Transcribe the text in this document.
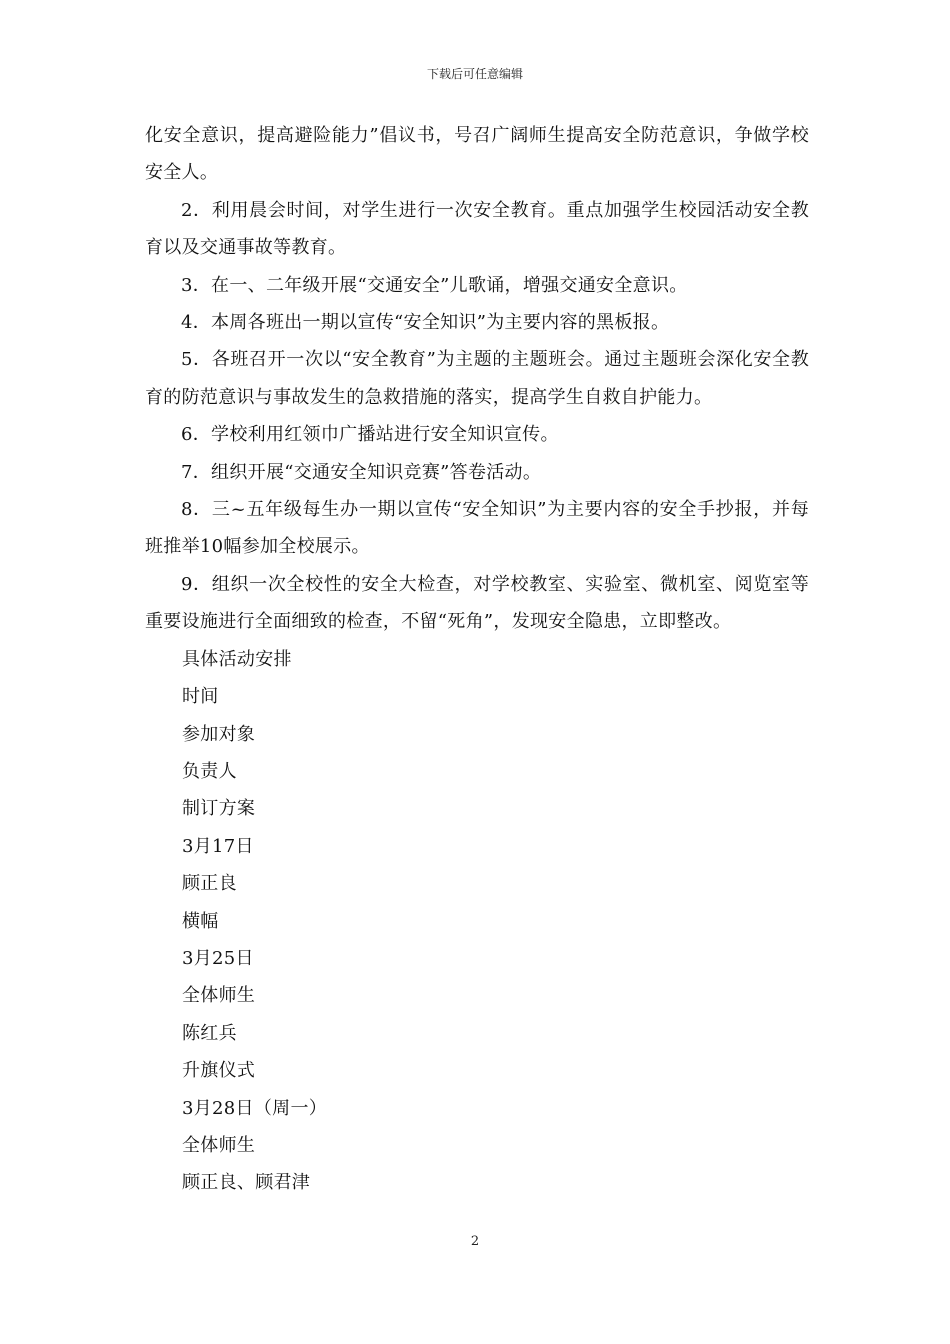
下载后可任意编辑

化安全意识，提高避险能力”倡议书，号召广阔师生提高安全防范意识，争做学校安全人。

2．利用晨会时间，对学生进行一次安全教育。重点加强学生校园活动安全教育以及交通事故等教育。

3．在一、二年级开展“交通安全”儿歌诵，增强交通安全意识。

4．本周各班出一期以宣传“安全知识”为主要内容的黑板报。

5．各班召开一次以“安全教育”为主题的主题班会。通过主题班会深化安全教育的防范意识与事故发生的急救措施的落实，提高学生自救自护能力。

6．学校利用红领巾广播站进行安全知识宣传。

7．组织开展“交通安全知识竞赛”答卷活动。

8．三~五年级每生办一期以宣传“安全知识”为主要内容的安全手抄报，并每班推举10幅参加全校展示。

9．组织一次全校性的安全大检查，对学校教室、实验室、微机室、阅览室等重要设施进行全面细致的检查，不留“死角”，发现安全隐患，立即整改。

具体活动安排

时间

参加对象

负责人

制订方案

3月17日

顾正良

横幅

3月25日

全体师生

陈红兵

升旗仪式

3月28日（周一）

全体师生

顾正良、顾君津

2
